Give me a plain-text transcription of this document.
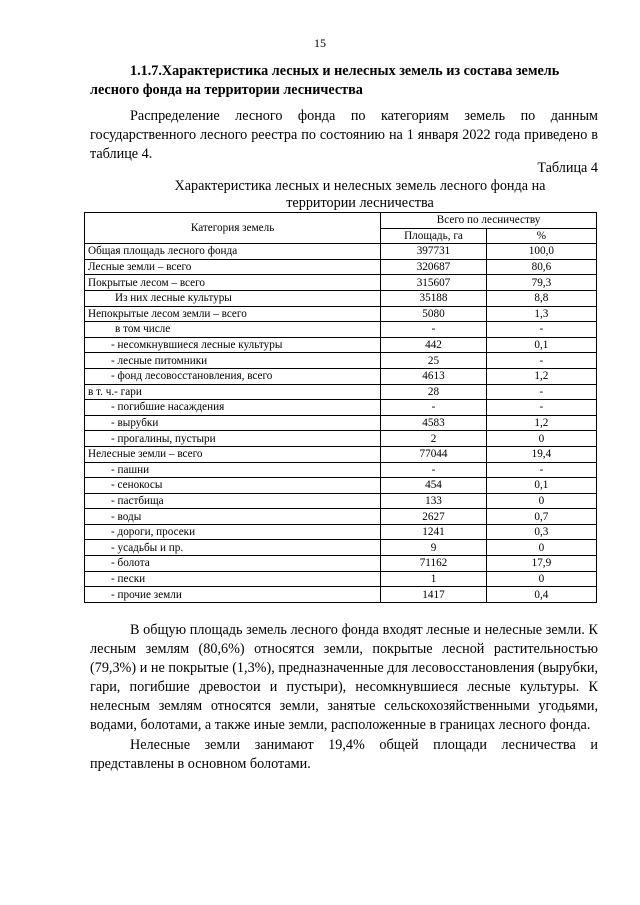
15
1.1.7.Характеристика лесных и нелесных земель из состава земель
лесного фонда на территории лесничества
Распределение лесного фонда по категориям земель по данным государственного лесного реестра по состоянию на 1 января 2022 года приведено в таблице 4.
Таблица 4
Характеристика лесных и нелесных земель лесного фонда на
территории лесничества
Категория земель	Всего по лесничеству	
	Площадь, га	%
Общая площадь лесного фонда	397731	100,0
Лесные земли – всего	320687	80,6
Покрытые лесом – всего	315607	79,3
Из них лесные культуры	35188	8,8
Непокрытые лесом земли – всего	5080	1,3
в том числе	-	-
- несомкнувшиеся лесные культуры	442	0,1
- лесные питомники	25	-
- фонд лесовосстановления, всего	4613	1,2
в т. ч.- гари	28	-
- погибшие насаждения	-	-
- вырубки	4583	1,2
- прогалины, пустыри	2	0
Нелесные земли – всего	77044	19,4
- пашни	-	-
- сенокосы	454	0,1
- пастбища	133	0
- воды	2627	0,7
- дороги, просеки	1241	0,3
- усадьбы и пр.	9	0
- болота	71162	17,9
- пески	1	0
- прочие земли	1417	0,4
В общую площадь земель лесного фонда входят лесные и нелесные земли. К лесным землям (80,6%) относятся земли, покрытые лесной растительностью (79,3%) и не покрытые (1,3%), предназначенные для лесовосстановления (вырубки, гари, погибшие древостои и пустыри), несомкнувшиеся лесные культуры. К нелесным землям относятся земли, занятые сельскохозяйственными угодьями, водами, болотами, а также иные земли, расположенные в границах лесного фонда.
Нелесные земли занимают 19,4% общей площади лесничества и представлены в основном болотами.
